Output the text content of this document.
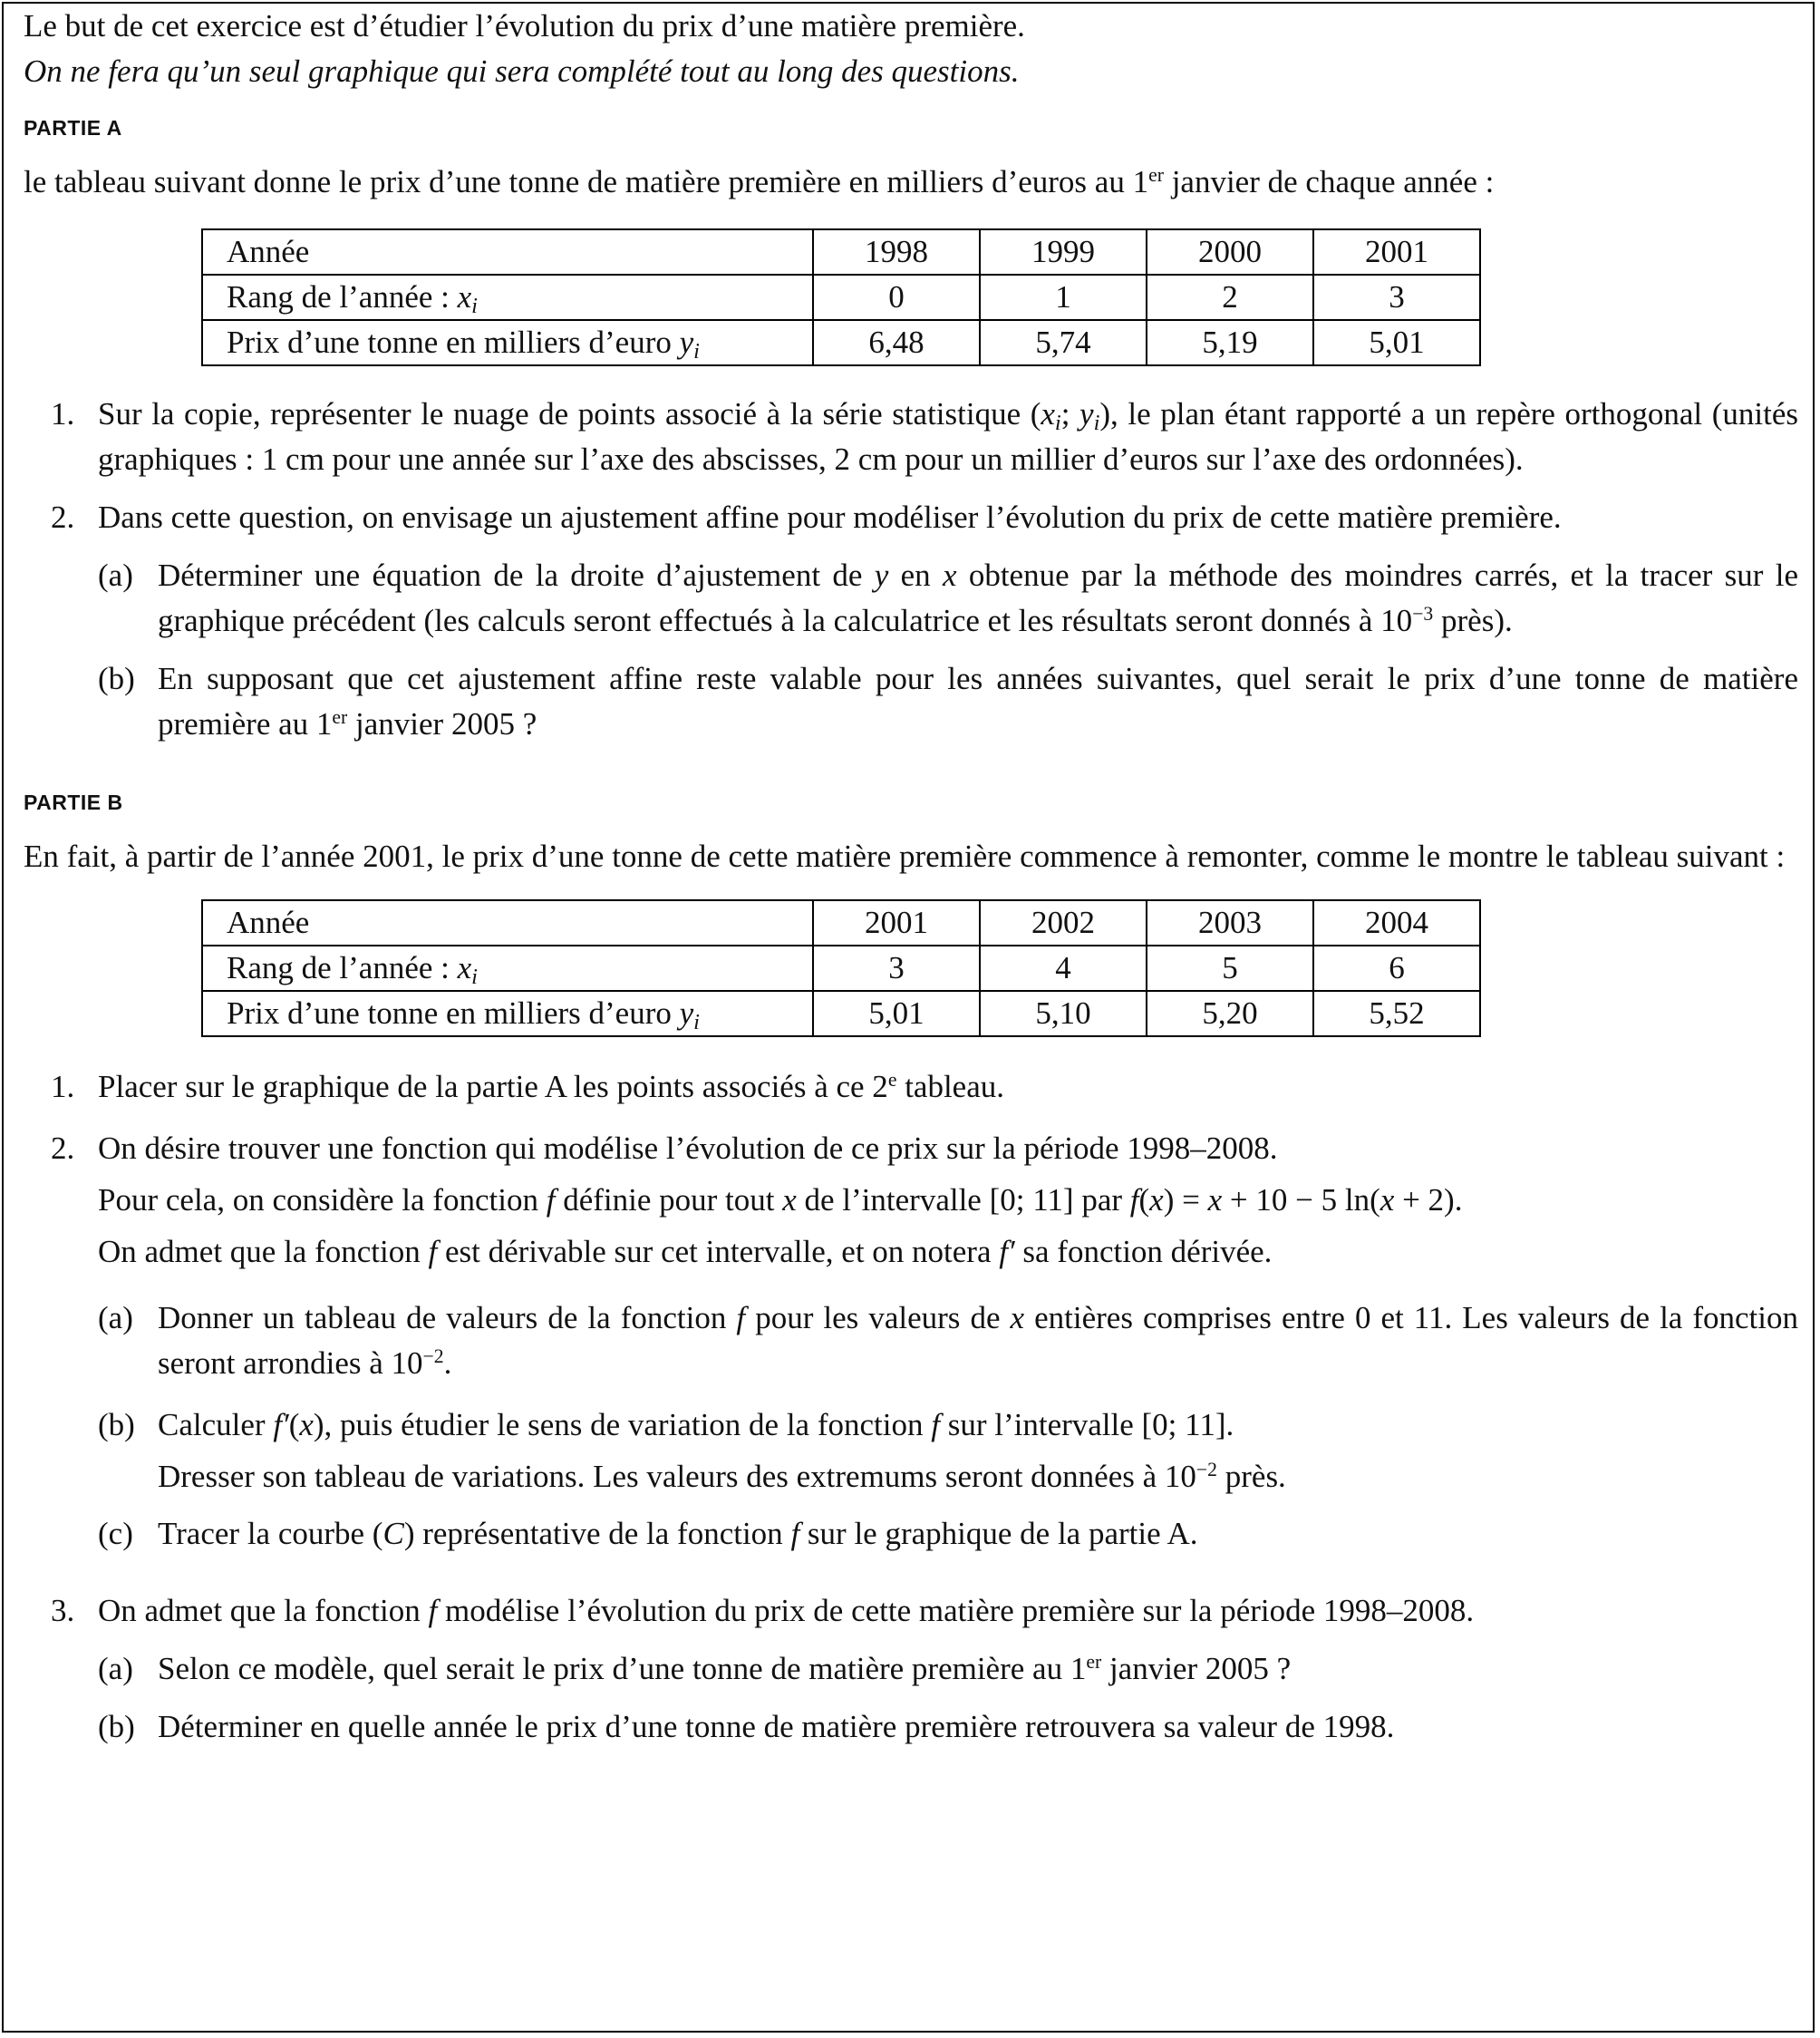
Le but de cet exercice est d’étudier l’évolution du prix d’une matière première.

On ne fera qu’un seul graphique qui sera complété tout au long des questions.

PARTIE A

le tableau suivant donne le prix d’une tonne de matière première en milliers d’euros au 1er janvier de chaque année :

Année	1998	1999	2000	2001
Rang de l’année : $x_i$	0	1	2	3
Prix d’une tonne en milliers d’euro $y_i$	6,48	5,74	5,19	5,01
1. Sur la copie, représenter le nuage de points associé à la série statistique ($x_i$; $y_i$), le plan étant rapporté a un repère orthogonal (unités graphiques : 1 cm pour une année sur l’axe des abscisses, 2 cm pour un millier d’euros sur l’axe des ordonnées).
2. Dans cette question, on envisage un ajustement affine pour modéliser l’évolution du prix de cette matière première.
(a) Déterminer une équation de la droite d’ajustement de y en x obtenue par la méthode des moindres carrés, et la tracer sur le graphique précédent (les calculs seront effectués à la calculatrice et les résultats seront donnés à $10^{-3}$ près).
(b) En supposant que cet ajustement affine reste valable pour les années suivantes, quel serait le prix d’une tonne de matière première au 1er janvier 2005 ?

PARTIE B

En fait, à partir de l’année 2001, le prix d’une tonne de cette matière première commence à remonter, comme le montre le tableau suivant :

Année	2001	2002	2003	2004
Rang de l’année : $x_i$	3	4	5	6
Prix d’une tonne en milliers d’euro $y_i$	5,01	5,10	5,20	5,52
1. Placer sur le graphique de la partie A les points associés à ce 2e tableau.
2. On désire trouver une fonction qui modélise l’évolution de ce prix sur la période 1998–2008.
Pour cela, on considère la fonction f définie pour tout x de l’intervalle [0; 11] par f(x) = x + 10 − 5 ln(x + 2).
On admet que la fonction f est dérivable sur cet intervalle, et on notera f′ sa fonction dérivée.
(a) Donner un tableau de valeurs de la fonction f pour les valeurs de x entières comprises entre 0 et 11. Les valeurs de la fonction seront arrondies à $10^{-2}$.
(b) Calculer f′(x), puis étudier le sens de variation de la fonction f sur l’intervalle [0; 11].
Dresser son tableau de variations. Les valeurs des extremums seront données à $10^{-2}$ près.
(c) Tracer la courbe (C) représentative de la fonction f sur le graphique de la partie A.
3. On admet que la fonction f modélise l’évolution du prix de cette matière première sur la période 1998–2008.
(a) Selon ce modèle, quel serait le prix d’une tonne de matière première au 1er janvier 2005 ?
(b) Déterminer en quelle année le prix d’une tonne de matière première retrouvera sa valeur de 1998.
